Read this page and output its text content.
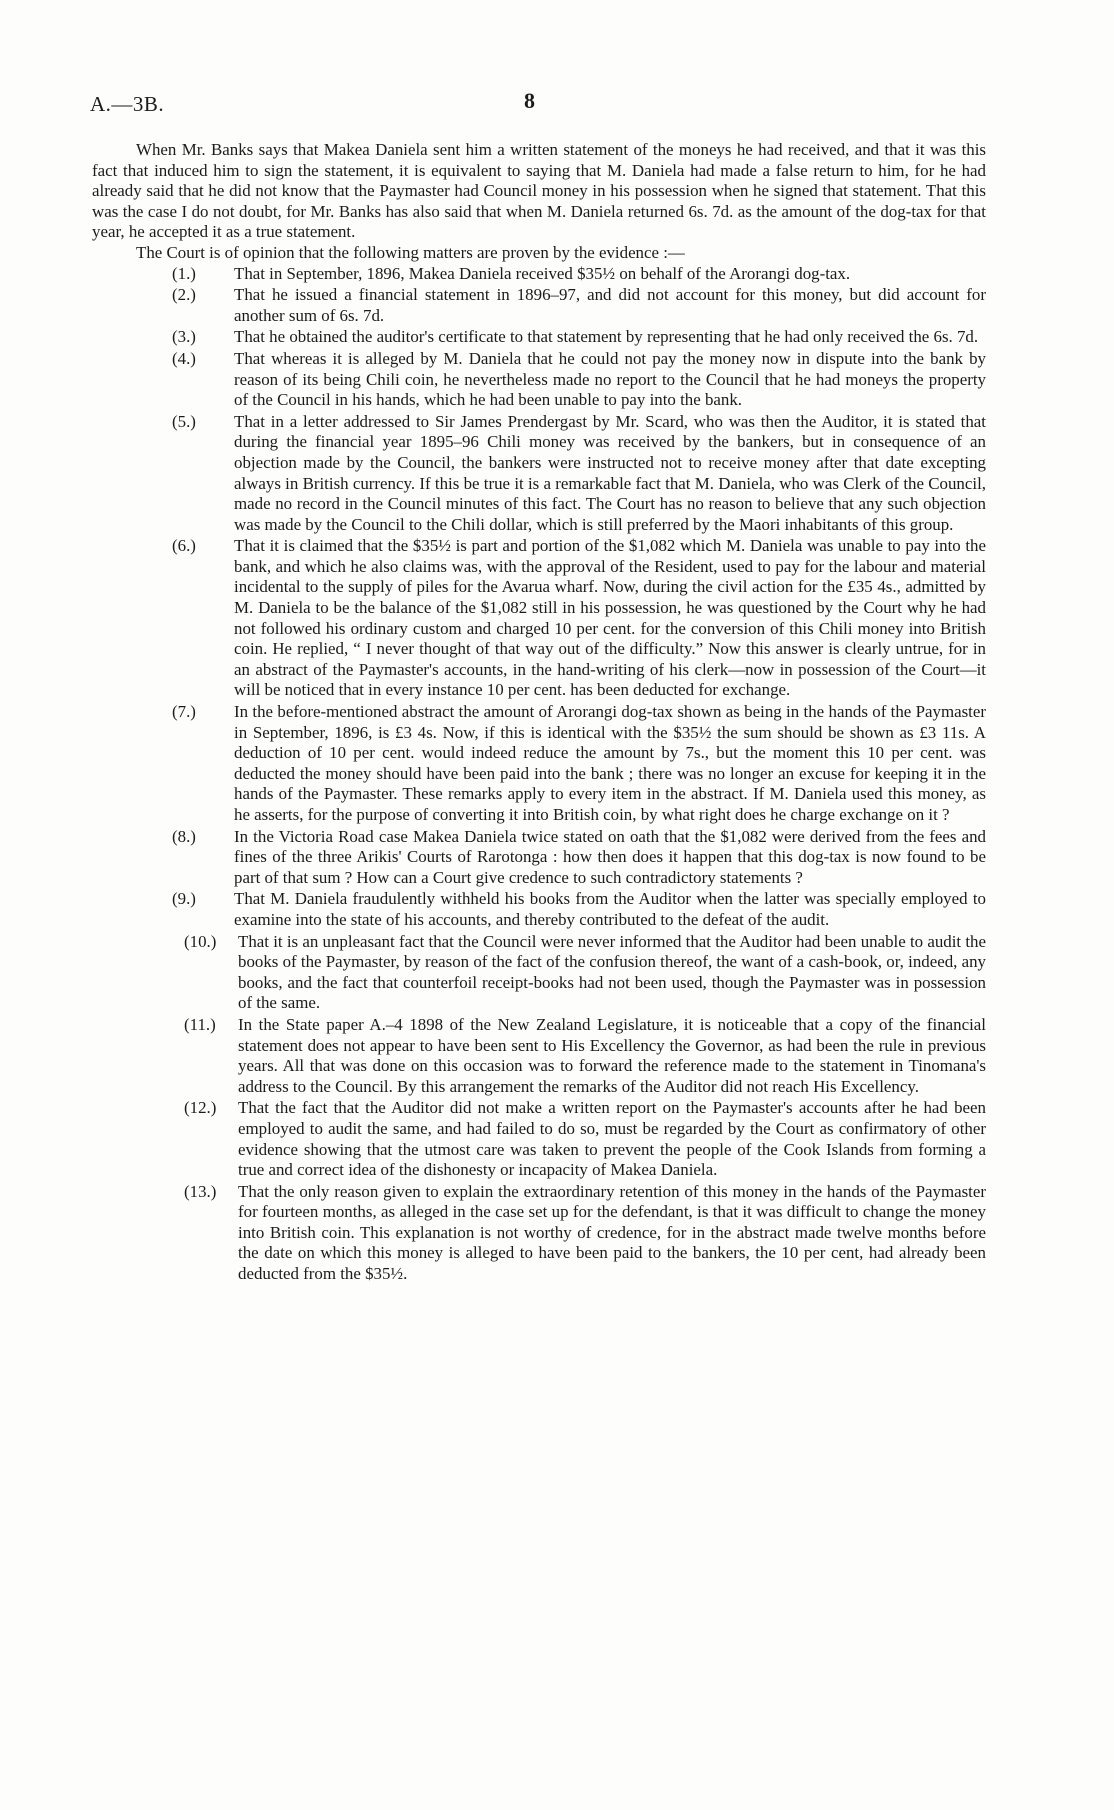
A.—3B.	8

When Mr. Banks says that Makea Daniela sent him a written statement of the moneys he had received, and that it was this fact that induced him to sign the statement, it is equivalent to saying that M. Daniela had made a false return to him, for he had already said that he did not know that the Paymaster had Council money in his possession when he signed that statement. That this was the case I do not doubt, for Mr. Banks has also said that when M. Daniela returned 6s. 7d. as the amount of the dog-tax for that year, he accepted it as a true statement.

The Court is of opinion that the following matters are proven by the evidence :—

(1.) That in September, 1896, Makea Daniela received $35½ on behalf of the Arorangi dog-tax.
(2.) That he issued a financial statement in 1896–97, and did not account for this money, but did account for another sum of 6s. 7d.
(3.) That he obtained the auditor's certificate to that statement by representing that he had only received the 6s. 7d.
(4.) That whereas it is alleged by M. Daniela that he could not pay the money now in dispute into the bank by reason of its being Chili coin, he nevertheless made no report to the Council that he had moneys the property of the Council in his hands, which he had been unable to pay into the bank.
(5.) That in a letter addressed to Sir James Prendergast by Mr. Scard, who was then the Auditor, it is stated that during the financial year 1895–96 Chili money was received by the bankers, but in consequence of an objection made by the Council, the bankers were instructed not to receive money after that date excepting always in British currency. If this be true it is a remarkable fact that M. Daniela, who was Clerk of the Council, made no record in the Council minutes of this fact. The Court has no reason to believe that any such objection was made by the Council to the Chili dollar, which is still preferred by the Maori inhabitants of this group.
(6.) That it is claimed that the $35½ is part and portion of the $1,082 which M. Daniela was unable to pay into the bank, and which he also claims was, with the approval of the Resident, used to pay for the labour and material incidental to the supply of piles for the Avarua wharf. Now, during the civil action for the £35 4s., admitted by M. Daniela to be the balance of the $1,082 still in his possession, he was questioned by the Court why he had not followed his ordinary custom and charged 10 per cent. for the conversion of this Chili money into British coin. He replied, “ I never thought of that way out of the difficulty.” Now this answer is clearly untrue, for in an abstract of the Paymaster's accounts, in the hand-writing of his clerk—now in possession of the Court—it will be noticed that in every instance 10 per cent. has been deducted for exchange.
(7.) In the before-mentioned abstract the amount of Arorangi dog-tax shown as being in the hands of the Paymaster in September, 1896, is £3 4s. Now, if this is identical with the $35½ the sum should be shown as £3 11s. A deduction of 10 per cent. would indeed reduce the amount by 7s., but the moment this 10 per cent. was deducted the money should have been paid into the bank ; there was no longer an excuse for keeping it in the hands of the Paymaster. These remarks apply to every item in the abstract. If M. Daniela used this money, as he asserts, for the purpose of converting it into British coin, by what right does he charge exchange on it ?
(8.) In the Victoria Road case Makea Daniela twice stated on oath that the $1,082 were derived from the fees and fines of the three Arikis' Courts of Rarotonga : how then does it happen that this dog-tax is now found to be part of that sum ? How can a Court give credence to such contradictory statements ?
(9.) That M. Daniela fraudulently withheld his books from the Auditor when the latter was specially employed to examine into the state of his accounts, and thereby contributed to the defeat of the audit.
(10.) That it is an unpleasant fact that the Council were never informed that the Auditor had been unable to audit the books of the Paymaster, by reason of the fact of the confusion thereof, the want of a cash-book, or, indeed, any books, and the fact that counterfoil receipt-books had not been used, though the Paymaster was in possession of the same.
(11.) In the State paper A.–4 1898 of the New Zealand Legislature, it is noticeable that a copy of the financial statement does not appear to have been sent to His Excellency the Governor, as had been the rule in previous years. All that was done on this occasion was to forward the reference made to the statement in Tinomana's address to the Council. By this arrangement the remarks of the Auditor did not reach His Excellency.
(12.) That the fact that the Auditor did not make a written report on the Paymaster's accounts after he had been employed to audit the same, and had failed to do so, must be regarded by the Court as confirmatory of other evidence showing that the utmost care was taken to prevent the people of the Cook Islands from forming a true and correct idea of the dishonesty or incapacity of Makea Daniela.
(13.) That the only reason given to explain the extraordinary retention of this money in the hands of the Paymaster for fourteen months, as alleged in the case set up for the defendant, is that it was difficult to change the money into British coin. This explanation is not worthy of credence, for in the abstract made twelve months before the date on which this money is alleged to have been paid to the bankers, the 10 per cent, had already been deducted from the $35½.
